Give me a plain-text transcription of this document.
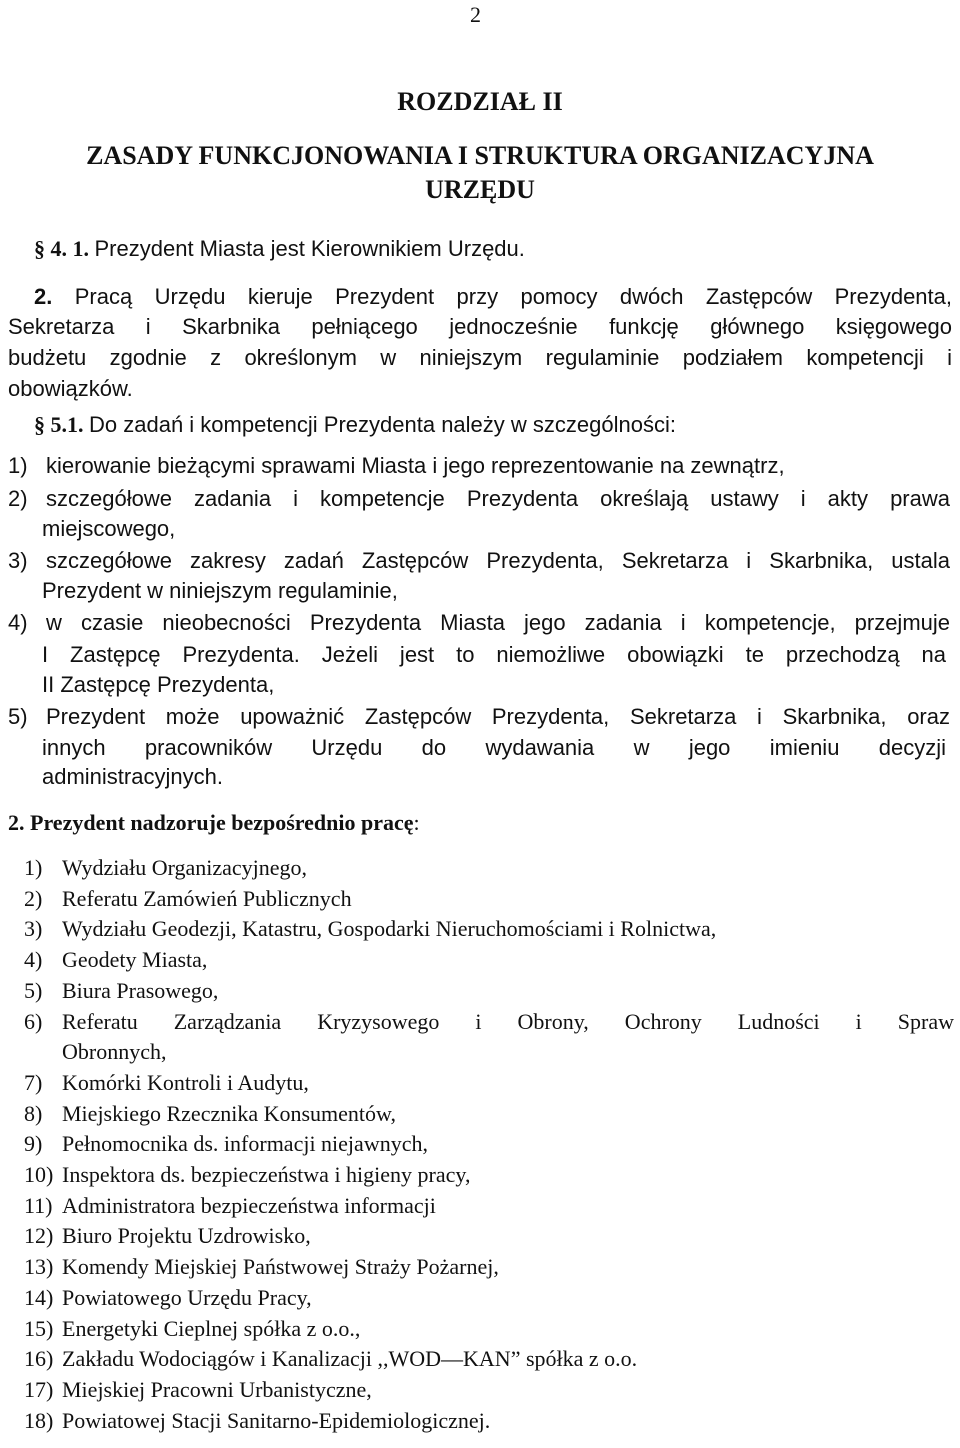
2
ROZDZIAŁ II
ZASADY FUNKCJONOWANIA I STRUKTURA ORGANIZACYJNA
URZĘDU
§ 4. 1. Prezydent Miasta jest Kierownikiem Urzędu.
2. Pracą Urzędu kieruje Prezydent przy pomocy dwóch Zastępców Prezydenta,
Sekretarza i Skarbnika pełniącego jednocześnie funkcję głównego księgowego
budżetu zgodnie z określonym w niniejszym regulaminie podziałem kompetencji i
obowiązków.
§ 5.1. Do zadań i kompetencji Prezydenta należy w szczególności:
1) kierowanie bieżącymi sprawami Miasta i jego reprezentowanie na zewnątrz,
2) szczegółowe zadania i kompetencje Prezydenta określają ustawy i akty prawa
miejscowego,
3) szczegółowe zakresy zadań Zastępców Prezydenta, Sekretarza i Skarbnika, ustala
Prezydent w niniejszym regulaminie,
4) w czasie nieobecności Prezydenta Miasta jego zadania i kompetencje, przejmuje
I Zastępcę Prezydenta. Jeżeli jest to niemożliwe obowiązki te przechodzą na
II Zastępcę Prezydenta,
5) Prezydent może upoważnić Zastępców Prezydenta, Sekretarza i Skarbnika, oraz
innych pracowników Urzędu do wydawania w jego imieniu decyzji
administracyjnych.
2. Prezydent nadzoruje bezpośrednio pracę:
1) Wydziału Organizacyjnego,
2) Referatu Zamówień Publicznych
3) Wydziału Geodezji, Katastru, Gospodarki Nieruchomościami i Rolnictwa,
4) Geodety Miasta,
5) Biura Prasowego,
6) Referatu Zarządzania Kryzysowego i Obrony, Ochrony Ludności i Spraw
Obronnych,
7) Komórki Kontroli i Audytu,
8) Miejskiego Rzecznika Konsumentów,
9) Pełnomocnika ds. informacji niejawnych,
10) Inspektora ds. bezpieczeństwa i higieny pracy,
11) Administratora bezpieczeństwa informacji
12) Biuro Projektu Uzdrowisko,
13) Komendy Miejskiej Państwowej Straży Pożarnej,
14) Powiatowego Urzędu Pracy,
15) Energetyki Cieplnej spółka z o.o.,
16) Zakładu Wodociągów i Kanalizacji ,,WOD—KAN” spółka z o.o.
17) Miejskiej Pracowni Urbanistyczne,
18) Powiatowej Stacji Sanitarno-Epidemiologicznej.
